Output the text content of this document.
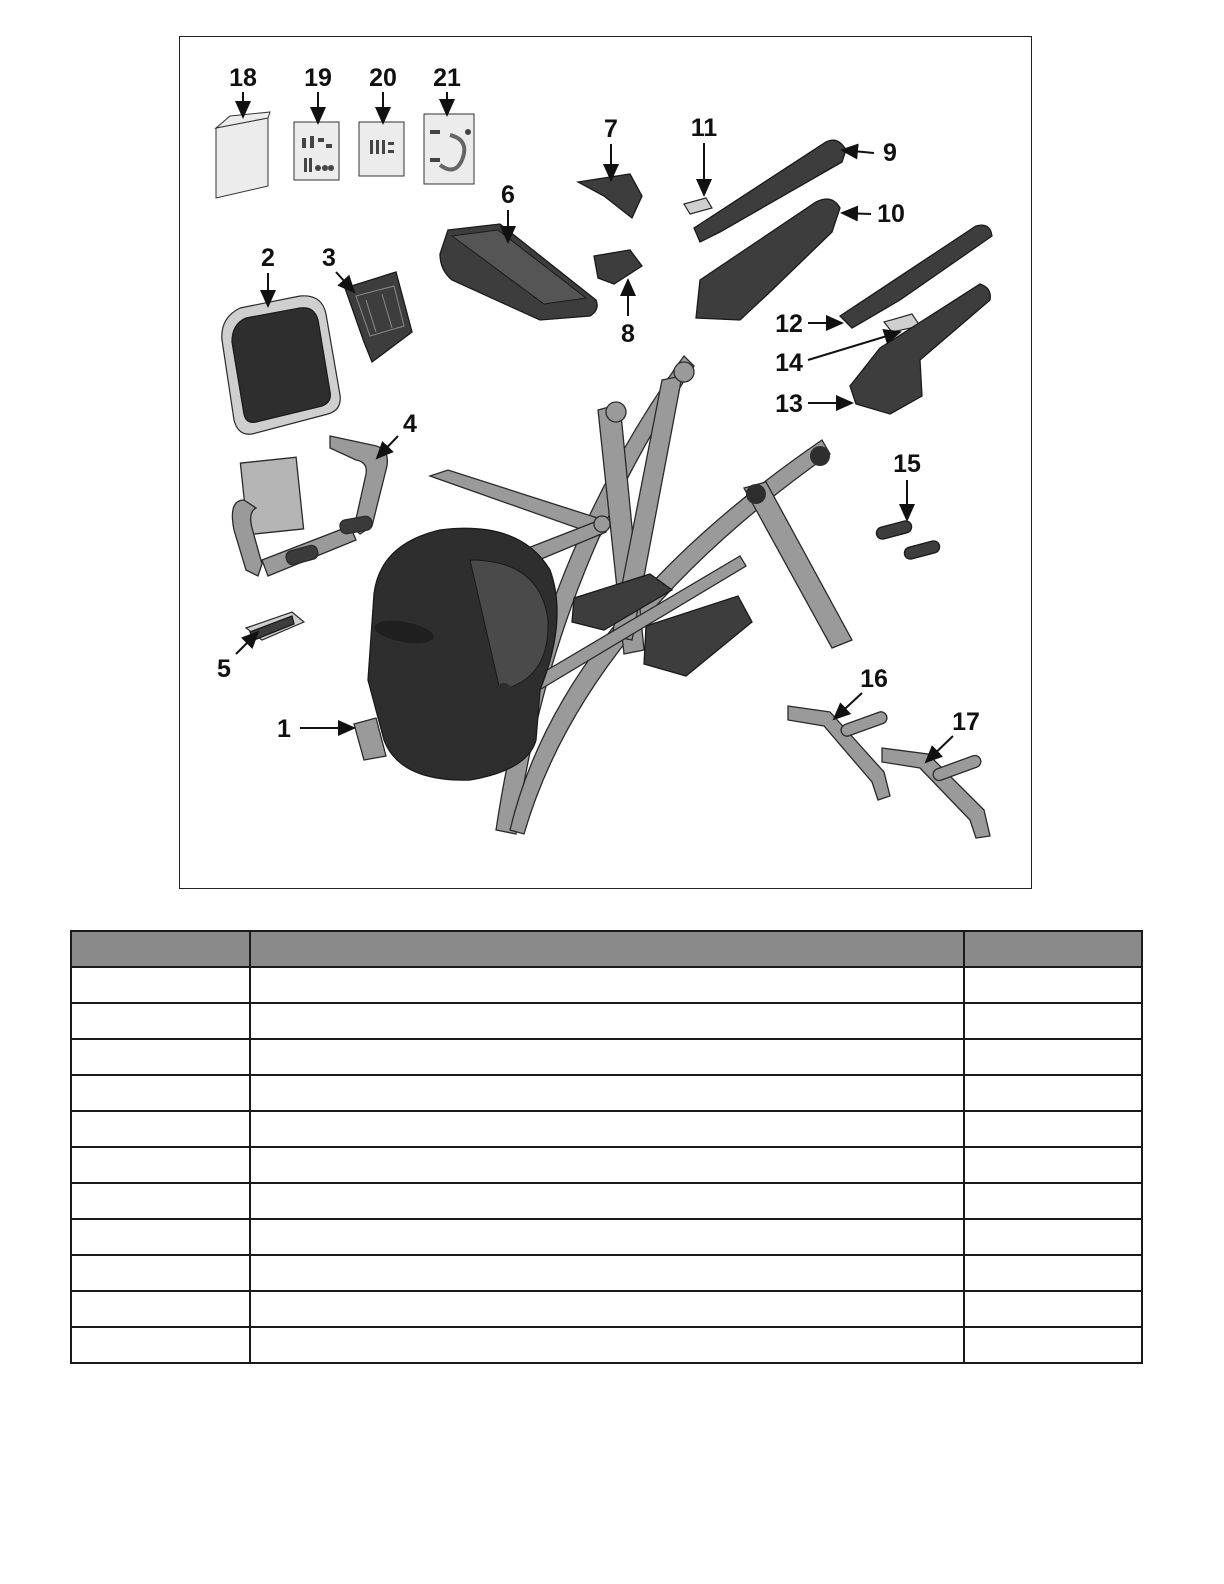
18 19 20 21
7	11
9
6
10
2 3
12
8
14
13
4
15
5	16
17
1
